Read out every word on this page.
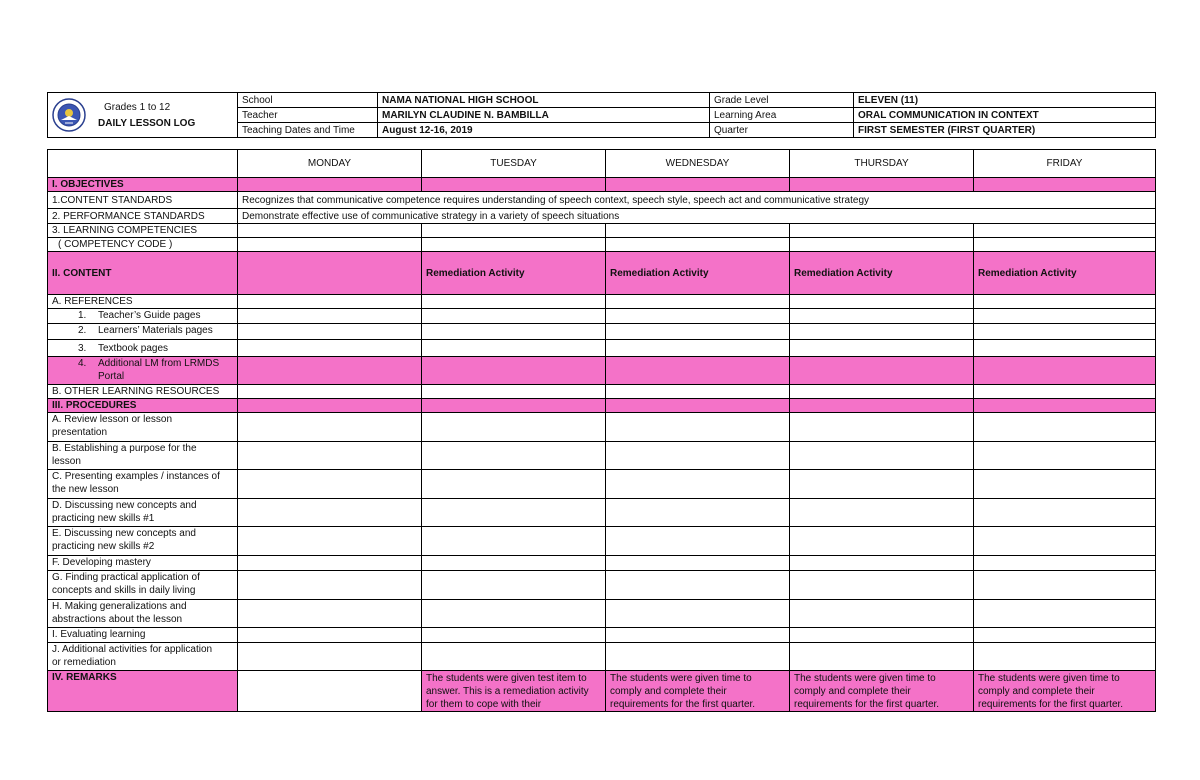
Grades 1 to 12
DAILY LESSON LOG	School	NAMA NATIONAL HIGH SCHOOL	Grade Level	ELEVEN (11)
	Teacher	MARILYN CLAUDINE N. BAMBILLA	Learning Area	ORAL COMMUNICATION IN CONTEXT
	Teaching Dates and Time	August 12-16, 2019	Quarter	FIRST SEMESTER (FIRST QUARTER)
	MONDAY	TUESDAY	WEDNESDAY	THURSDAY	FRIDAY
I. OBJECTIVES					
1.CONTENT STANDARDS	Recognizes that communicative competence requires understanding of speech context, speech style, speech act and communicative strategy				
2. PERFORMANCE STANDARDS	Demonstrate effective use of communicative strategy in a variety of speech situations				
3. LEARNING COMPETENCIES					
( COMPETENCY CODE )					
II. CONTENT		Remediation Activity	Remediation Activity	Remediation Activity	Remediation Activity
A. REFERENCES					
1. Teacher’s Guide pages					
2. Learners’ Materials pages					
3. Textbook pages					
4. Additional LM from LRMDS
Portal					
B. OTHER LEARNING RESOURCES					
III. PROCEDURES					
A. Review lesson or lesson
presentation					
B. Establishing a purpose for the
lesson					
C. Presenting examples / instances of
the new lesson					
D. Discussing new concepts and
practicing new skills #1					
E. Discussing new concepts and
practicing new skills #2					
F. Developing mastery					
G. Finding practical application of
concepts and skills in daily living					
H. Making generalizations and
abstractions about the lesson					
I. Evaluating learning					
J. Additional activities for application
or remediation					
IV. REMARKS		The students were given test item to answer. This is a remediation activity for them to cope with their	The students were given time to comply and complete their requirements for the first quarter.	The students were given time to comply and complete their requirements for the first quarter.	The students were given time to comply and complete their requirements for the first quarter.
